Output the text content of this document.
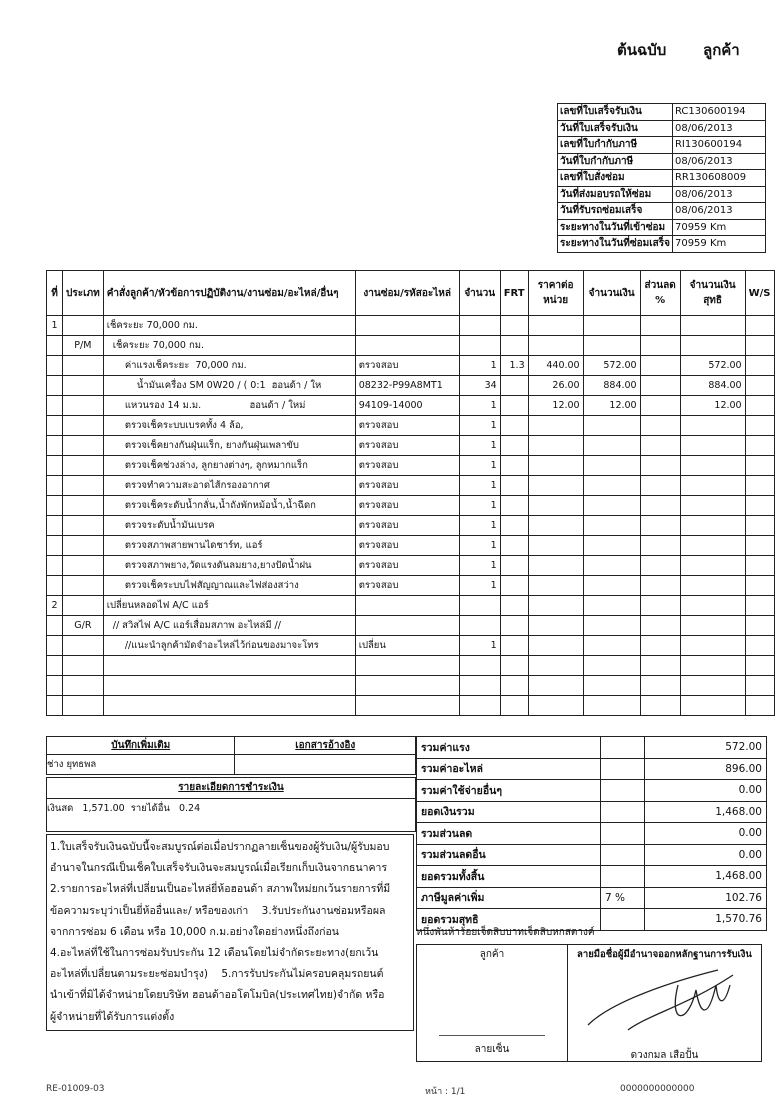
ต้นฉบับ ลูกค้า
เลขที่ใบเสร็จรับเงิน	RC130600194
วันที่ใบเสร็จรับเงิน	08/06/2013
เลขที่ใบกำกับภาษี	RI130600194
วันที่ใบกำกับภาษี	08/06/2013
เลขที่ใบสั่งซ่อม	RR130608009
วันที่ส่งมอบรถให้ซ่อม	08/06/2013
วันที่รับรถซ่อมเสร็จ	08/06/2013
ระยะทางในวันที่เข้าซ่อม	70959 Km
ระยะทางในวันที่ซ่อมเสร็จ	70959 Km
ที่	ประเภท	คำสั่งลูกค้า/หัวข้อการปฏิบัติงาน/งานซ่อม/อะไหล่/อื่นๆ	งานซ่อม/รหัสอะไหล่	จำนวน	FRT	ราคาต่อหน่วย	จำนวนเงิน	ส่วนลด %	จำนวนเงินสุทธิ	W/S
1		เช็คระยะ 70,000 กม.								
	P/M	เช็คระยะ 70,000 กม.								
		ค่าแรงเช็คระยะ  70,000 กม.	ตรวจสอบ	1	1.3	440.00	572.00		572.00	
		น้ำมันเครื่อง SM 0W20 / ( 0:1  ฮอนด้า / ให	08232-P99A8MT1	34		26.00	884.00		884.00	
		แหวนรอง 14 ม.ม.                ฮอนด้า / ใหม่	94109-14000	1		12.00	12.00		12.00	
		ตรวจเช็คระบบเบรคทั้ง 4 ล้อ,	ตรวจสอบ	1						
		ตรวจเช็คยางกันฝุ่นแร็ก, ยางกันฝุ่นเพลาขับ	ตรวจสอบ	1						
		ตรวจเช็คช่วงล่าง, ลูกยางต่างๆ, ลูกหมากแร็ก	ตรวจสอบ	1						
		ตรวจทำความสะอาดไส้กรองอากาศ	ตรวจสอบ	1						
		ตรวจเช็คระดับน้ำกลั่น,น้ำถังพักหม้อน้ำ,น้ำฉีดก	ตรวจสอบ	1						
		ตรวจระดับน้ำมันเบรค	ตรวจสอบ	1						
		ตรวจสภาพสายพานไดชาร์ท, แอร์	ตรวจสอบ	1						
		ตรวจสภาพยาง,วัดแรงดันลมยาง,ยางปัดน้ำฝน	ตรวจสอบ	1						
		ตรวจเช็คระบบไฟสัญญาณและไฟส่องสว่าง	ตรวจสอบ	1						
2		เปลี่ยนหลอดไฟ A/C แอร์								
	G/R	// สวิสไฟ A/C แอร์เสื่อมสภาพ อะไหล่มี //								
		//แนะนำลูกค้ามัดจำอะไหล่ไว้ก่อนของมาจะโทร	เปลี่ยน	1						

บันทึกเพิ่มเติม	เอกสารอ้างอิง
ช่าง ยุทธพล
รายละเอียดการชำระเงิน
เงินสด   1,571.00  รายได้อื่น   0.24
รวมค่าแรง		572.00
รวมค่าอะไหล่		896.00
รวมค่าใช้จ่ายอื่นๆ		0.00
ยอดเงินรวม		1,468.00
รวมส่วนลด		0.00
รวมส่วนลดอื่น		0.00
ยอดรวมทั้งสิ้น		1,468.00
ภาษีมูลค่าเพิ่ม	7 %	102.76
ยอดรวมสุทธิ		1,570.76
หนึ่งพันห้าร้อยเจ็ดสิบบาทเจ็ดสิบหกสตางค์
1.ใบเสร็จรับเงินฉบับนี้จะสมบูรณ์ต่อเมื่อปรากฏลายเซ็นของผู้รับเงิน/ผู้รับมอบ
อำนาจในกรณีเป็นเช็คใบเสร็จรับเงินจะสมบูรณ์เมื่อเรียกเก็บเงินจากธนาคาร
2.รายการอะไหล่ที่เปลี่ยนเป็นอะไหล่ยี่ห้อฮอนด้า สภาพใหม่ยกเว้นรายการที่มี
ข้อความระบุว่าเป็นยี่ห้ออื่นและ/ หรือของเก่า    3.รับประกันงานซ่อมหรือผล
จากการซ่อม 6 เดือน หรือ 10,000 ก.ม.อย่างใดอย่างหนึ่งถึงก่อน
4.อะไหล่ที่ใช้ในการซ่อมรับประกัน 12 เดือนโดยไม่จำกัดระยะทาง(ยกเว้น
อะไหล่ที่เปลี่ยนตามระยะซ่อมบำรุง)    5.การรับประกันไม่ครอบคลุมรถยนต์
นำเข้าที่มิได้จำหน่ายโดยบริษัท ฮอนด้าออโตโมบิล(ประเทศไทย)จำกัด หรือ
ผู้จำหน่ายที่ได้รับการแต่งตั้ง
ลูกค้า
ลายเซ็น
ลายมือชื่อผู้มีอำนาจออกหลักฐานการรับเงิน
ดวงกมล เสือปั้น
RE-01009-03	หน้า : 1/1	0000000000000
